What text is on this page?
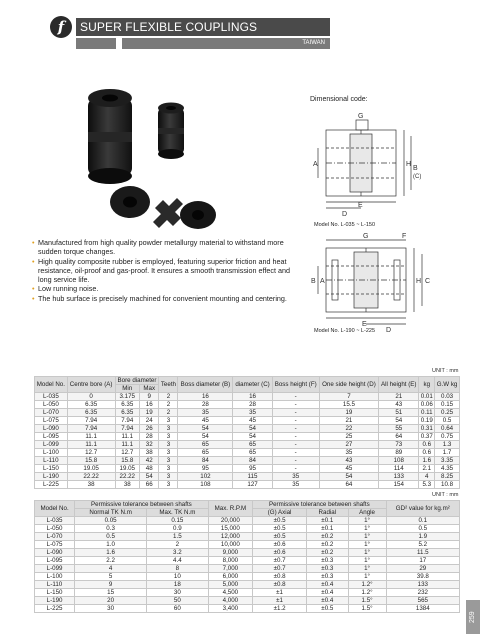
f	SUPER FLEXIBLE COUPLINGS
TAIWAN
Dimensional code:
A	H
B
(C)
G
E
D
Model No. L-035 ~ L-150
B A	H C
G	F
E
D
Model No. L-190 ~ L-225
• Manufactured from high quality powder metallurgy material to withstand more sudden torque changes.
• High quality composite rubber is employed, featuring superior friction and heat resistance, oil-proof and gas-proof. It ensures a smooth transmission effect and long service life.
• Low running noise.
• The hub surface is precisely machined for convenient mounting and centering.
UNIT : mm
Model No.	Centre bore (A)	Bore diameter		Teeth	Boss diameter (B)	diameter (C)	Boss height (F)	One side height (D)	All height (E)	kg	G.W kg
		Min	Max								
L-035	0	3.175	9	2	16	16	-	7	21	0.01	0.03
L-050	6.35	6.35	16	2	28	28	-	15.5	43	0.06	0.15
L-070	6.35	6.35	19	2	35	35	-	19	51	0.11	0.25
L-075	7.94	7.94	24	3	45	45	-	21	54	0.19	0.5
L-090	7.94	7.94	26	3	54	54	-	22	55	0.31	0.64
L-095	11.1	11.1	28	3	54	54	-	25	64	0.37	0.75
L-099	11.1	11.1	32	3	65	65	-	27	73	0.6	1.3
L-100	12.7	12.7	38	3	65	65	-	35	89	0.6	1.7
L-110	15.8	15.8	42	3	84	84	-	43	108	1.6	3.35
L-150	19.05	19.05	48	3	95	95	-	45	114	2.1	4.35
L-190	22.22	22.22	54	3	102	115	35	54	133	4	8.25
L-225	38	38	66	3	108	127	35	64	154	5.3	10.8
UNIT : mm
Model No.	Permissive tolerance between shafts		Max. R.P.M	Permissive tolerance between shafts			GD² value for kg.m²
	Normal TK N.m	Max. TK N.m		(G) Axial	Radial	Angle	
L-035	0.05	0.15	20,000	±0.5	±0.1	1°	0.1
L-050	0.3	0.9	15,000	±0.5	±0.1	1°	0.5
L-070	0.5	1.5	12,000	±0.5	±0.2	1°	1.9
L-075	1.0	2	10,000	±0.6	±0.2	1°	5.2
L-090	1.6	3.2	9,000	±0.6	±0.2	1°	11.5
L-095	2.2	4.4	8,000	±0.7	±0.3	1°	17
L-099	4	8	7,000	±0.7	±0.3	1°	29
L-100	5	10	6,000	±0.8	±0.3	1°	39.8
L-110	9	18	5,000	±0.8	±0.4	1.2°	133
L-150	15	30	4,500	±1	±0.4	1.2°	232
L-190	20	50	4,000	±1	±0.4	1.5°	565
L-225	30	60	3,400	±1.2	±0.5	1.5°	1384
259
